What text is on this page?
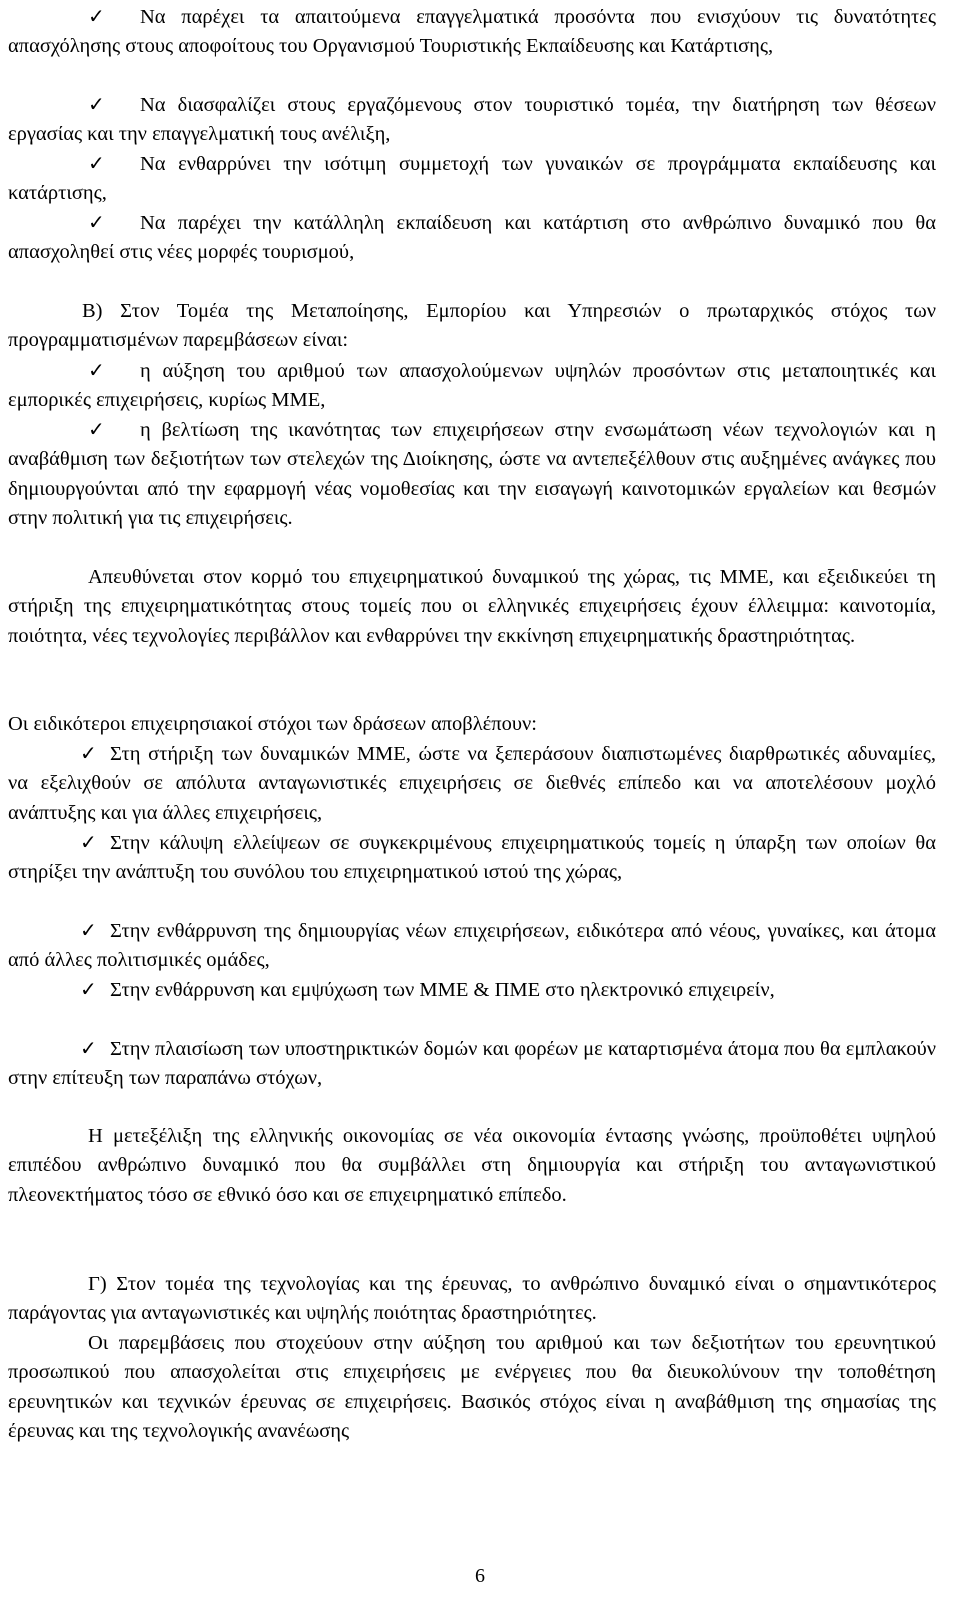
✓ Να παρέχει τα απαιτούμενα επαγγελματικά προσόντα που ενισχύουν τις δυνατότητες απασχόλησης στους αποφοίτους του Οργανισμού Τουριστικής Εκπαίδευσης και Κατάρτισης,

✓ Να διασφαλίζει στους εργαζόμενους στον τουριστικό τομέα, την διατήρηση των θέσεων εργασίας και την επαγγελματική τους ανέλιξη,

✓ Να ενθαρρύνει την ισότιμη συμμετοχή των γυναικών σε προγράμματα εκπαίδευσης και κατάρτισης,

✓ Να παρέχει την κατάλληλη εκπαίδευση και κατάρτιση στο ανθρώπινο δυναμικό που θα απασχοληθεί στις νέες μορφές τουρισμού,

Β) Στον Τομέα της Μεταποίησης, Εμπορίου και Υπηρεσιών ο πρωταρχικός στόχος των προγραμματισμένων παρεμβάσεων είναι:

✓ η αύξηση του αριθμού των απασχολούμενων υψηλών προσόντων στις μεταποιητικές και εμπορικές επιχειρήσεις, κυρίως ΜΜΕ,

✓ η βελτίωση της ικανότητας των επιχειρήσεων στην ενσωμάτωση νέων τεχνολογιών και η αναβάθμιση των δεξιοτήτων των στελεχών της Διοίκησης, ώστε να αντεπεξέλθουν στις αυξημένες ανάγκες που δημιουργούνται από την εφαρμογή νέας νομοθεσίας και την εισαγωγή καινοτομικών εργαλείων και θεσμών στην πολιτική για τις επιχειρήσεις.

Απευθύνεται στον κορμό του επιχειρηματικού δυναμικού της χώρας, τις ΜΜΕ, και εξειδικεύει τη στήριξη της επιχειρηματικότητας στους τομείς που οι ελληνικές επιχειρήσεις έχουν έλλειμμα: καινοτομία, ποιότητα, νέες τεχνολογίες περιβάλλον και ενθαρρύνει την εκκίνηση επιχειρηματικής δραστηριότητας.

Οι ειδικότεροι επιχειρησιακοί στόχοι των δράσεων αποβλέπουν:

✓ Στη στήριξη των δυναμικών ΜΜΕ, ώστε να ξεπεράσουν διαπιστωμένες διαρθρωτικές αδυναμίες, να εξελιχθούν σε απόλυτα ανταγωνιστικές επιχειρήσεις σε διεθνές επίπεδο και να αποτελέσουν μοχλό ανάπτυξης και για άλλες επιχειρήσεις,

✓ Στην κάλυψη ελλείψεων σε συγκεκριμένους επιχειρηματικούς τομείς η ύπαρξη των οποίων θα στηρίξει την ανάπτυξη του συνόλου του επιχειρηματικού ιστού της χώρας,

✓ Στην ενθάρρυνση της δημιουργίας νέων επιχειρήσεων, ειδικότερα από νέους, γυναίκες, και άτομα από άλλες πολιτισμικές ομάδες,

✓ Στην ενθάρρυνση και εμψύχωση των ΜΜΕ & ΠΜΕ στο ηλεκτρονικό επιχειρείν,

✓ Στην πλαισίωση των υποστηρικτικών δομών και φορέων με καταρτισμένα άτομα που θα εμπλακούν στην επίτευξη των παραπάνω στόχων,

Η μετεξέλιξη της ελληνικής οικονομίας σε νέα οικονομία έντασης γνώσης, προϋποθέτει υψηλού επιπέδου ανθρώπινο δυναμικό που θα συμβάλλει στη δημιουργία και στήριξη του ανταγωνιστικού πλεονεκτήματος τόσο σε εθνικό όσο και σε επιχειρηματικό επίπεδο.

Γ) Στον τομέα της τεχνολογίας και της έρευνας, το ανθρώπινο δυναμικό είναι ο σημαντικότερος παράγοντας για ανταγωνιστικές και υψηλής ποιότητας δραστηριότητες.

Οι παρεμβάσεις που στοχεύουν στην αύξηση του αριθμού και των δεξιοτήτων του ερευνητικού προσωπικού που απασχολείται στις επιχειρήσεις με ενέργειες που θα διευκολύνουν την τοποθέτηση ερευνητικών και τεχνικών έρευνας σε επιχειρήσεις. Βασικός στόχος είναι η αναβάθμιση της σημασίας της έρευνας και της τεχνολογικής ανανέωσης

6
